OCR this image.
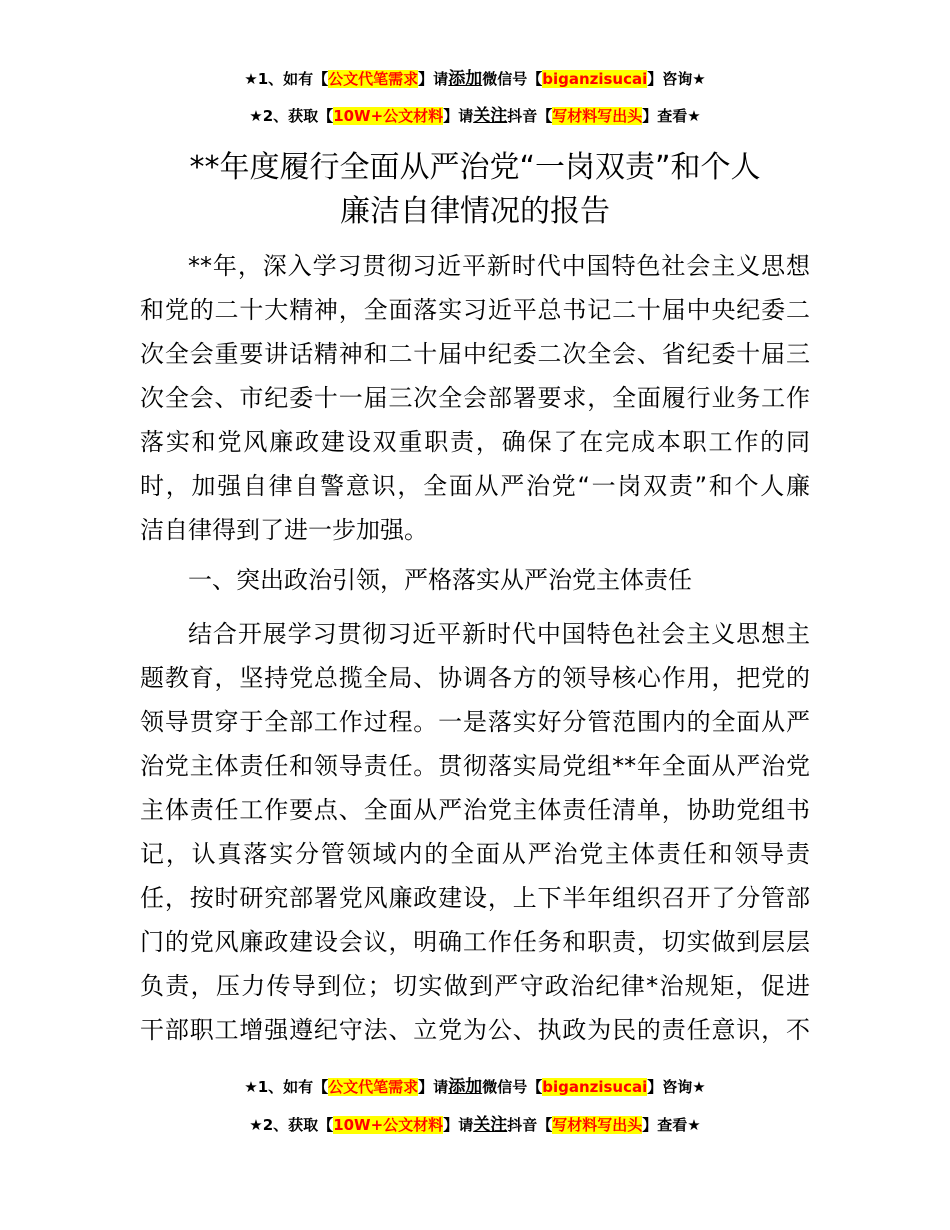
★1、如有【公文代笔需求】请添加微信号【biganzisucai】咨询★
★2、获取【10W+公文材料】请关注抖音【写材料写出头】查看★
**年度履行全面从严治党“一岗双责”和个人
廉洁自律情况的报告
**年，深入学习贯彻习近平新时代中国特色社会主义思想
和党的二十大精神，全面落实习近平总书记二十届中央纪委二
次全会重要讲话精神和二十届中纪委二次全会、省纪委十届三
次全会、市纪委十一届三次全会部署要求，全面履行业务工作
落实和党风廉政建设双重职责，确保了在完成本职工作的同
时，加强自律自警意识，全面从严治党“一岗双责”和个人廉
洁自律得到了进一步加强。
一、突出政治引领，严格落实从严治党主体责任
结合开展学习贯彻习近平新时代中国特色社会主义思想主
题教育，坚持党总揽全局、协调各方的领导核心作用，把党的
领导贯穿于全部工作过程。一是落实好分管范围内的全面从严
治党主体责任和领导责任。贯彻落实局党组**年全面从严治党
主体责任工作要点、全面从严治党主体责任清单，协助党组书
记，认真落实分管领域内的全面从严治党主体责任和领导责
任，按时研究部署党风廉政建设，上下半年组织召开了分管部
门的党风廉政建设会议，明确工作任务和职责，切实做到层层
负责，压力传导到位；切实做到严守政治纪律*治规矩，促进
干部职工增强遵纪守法、立党为公、执政为民的责任意识，不
★1、如有【公文代笔需求】请添加微信号【biganzisucai】咨询★
★2、获取【10W+公文材料】请关注抖音【写材料写出头】查看★
